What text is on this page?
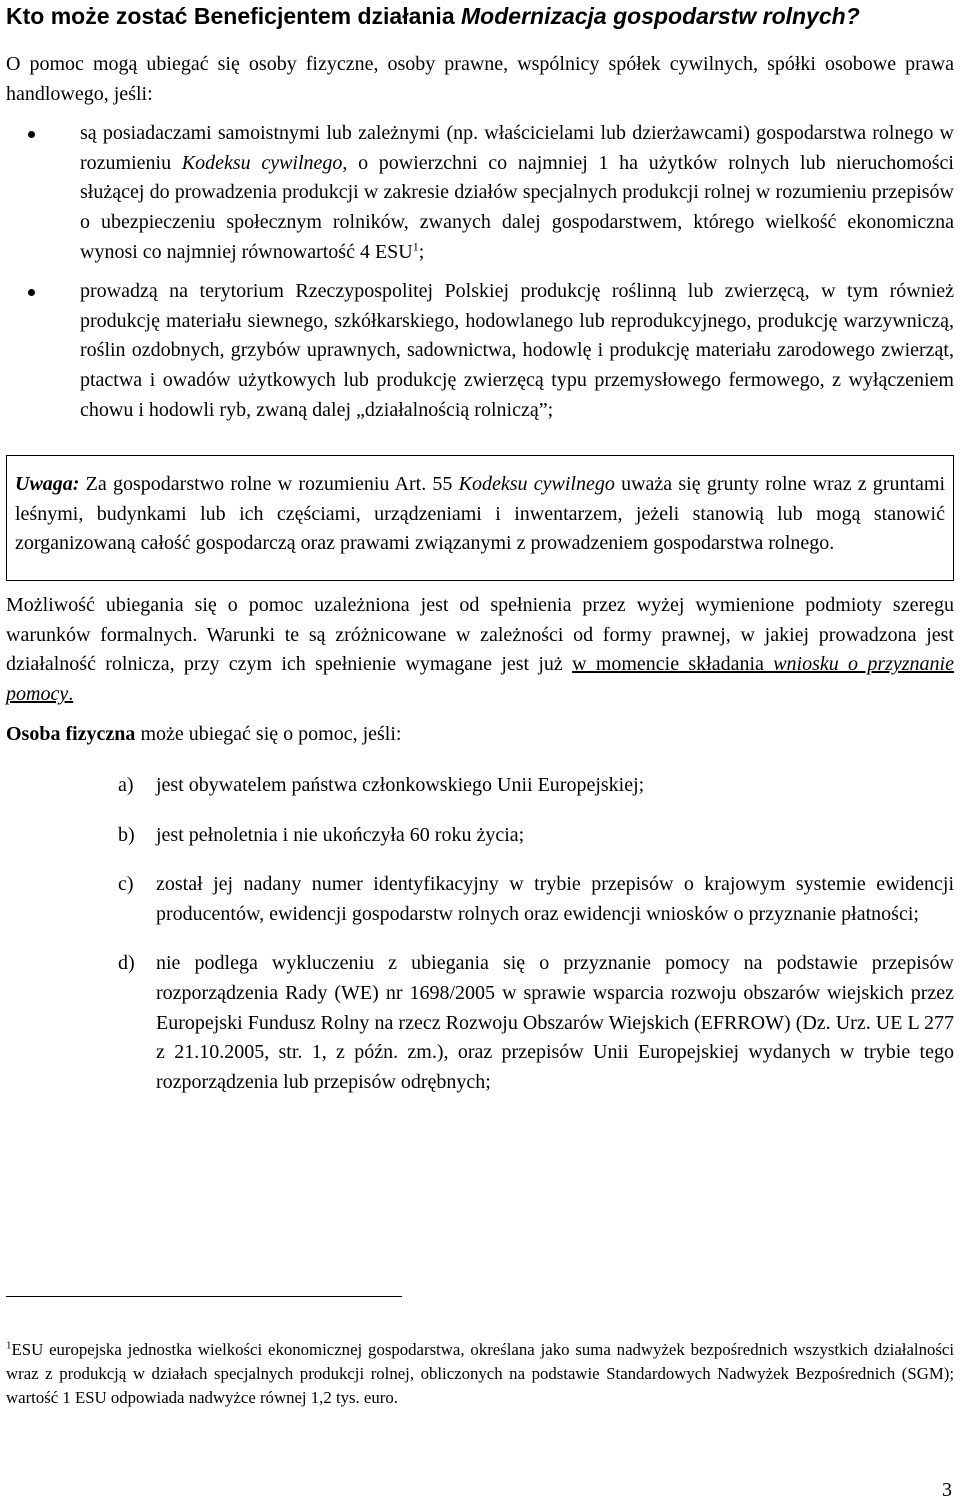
Kto może zostać Beneficjentem działania Modernizacja gospodarstw rolnych?

O pomoc mogą ubiegać się osoby fizyczne, osoby prawne, wspólnicy spółek cywilnych, spółki osobowe prawa handlowego, jeśli:

są posiadaczami samoistnymi lub zależnymi (np. właścicielami lub dzierżawcami) gospodarstwa rolnego w rozumieniu Kodeksu cywilnego, o powierzchni co najmniej 1 ha użytków rolnych lub nieruchomości służącej do prowadzenia produkcji w zakresie działów specjalnych produkcji rolnej w rozumieniu przepisów o ubezpieczeniu społecznym rolników, zwanych dalej gospodarstwem, którego wielkość ekonomiczna wynosi co najmniej równowartość 4 ESU$^1$;
prowadzą na terytorium Rzeczypospolitej Polskiej produkcję roślinną lub zwierzęcą, w tym również produkcję materiału siewnego, szkółkarskiego, hodowlanego lub reprodukcyjnego, produkcję warzywniczą, roślin ozdobnych, grzybów uprawnych, sadownictwa, hodowlę i produkcję materiału zarodowego zwierząt, ptactwa i owadów użytkowych lub produkcję zwierzęcą typu przemysłowego fermowego, z wyłączeniem chowu i hodowli ryb, zwaną dalej „działalnością rolniczą”;
Uwaga: Za gospodarstwo rolne w rozumieniu Art. 55 Kodeksu cywilnego uważa się grunty rolne wraz z gruntami leśnymi, budynkami lub ich częściami, urządzeniami i inwentarzem, jeżeli stanowią lub mogą stanowić zorganizowaną całość gospodarczą oraz prawami związanymi z prowadzeniem gospodarstwa rolnego.

Możliwość ubiegania się o pomoc uzależniona jest od spełnienia przez wyżej wymienione podmioty szeregu warunków formalnych. Warunki te są zróżnicowane w zależności od formy prawnej, w jakiej prowadzona jest działalność rolnicza, przy czym ich spełnienie wymagane jest już w momencie składania wniosku o przyznanie pomocy.

Osoba fizyczna może ubiegać się o pomoc, jeśli:

a) jest obywatelem państwa członkowskiego Unii Europejskiej;
b) jest pełnoletnia i nie ukończyła 60 roku życia;
c) został jej nadany numer identyfikacyjny w trybie przepisów o krajowym systemie ewidencji producentów, ewidencji gospodarstw rolnych oraz ewidencji wniosków o przyznanie płatności;
d) nie podlega wykluczeniu z ubiegania się o przyznanie pomocy na podstawie przepisów rozporządzenia Rady (WE) nr 1698/2005 w sprawie wsparcia rozwoju obszarów wiejskich przez Europejski Fundusz Rolny na rzecz Rozwoju Obszarów Wiejskich (EFRROW) (Dz. Urz. UE L 277 z 21.10.2005, str. 1, z późn. zm.), oraz przepisów Unii Europejskiej wydanych w trybie tego rozporządzenia lub przepisów odrębnych;
$^1$ESU europejska jednostka wielkości ekonomicznej gospodarstwa, określana jako suma nadwyżek bezpośrednich wszystkich działalności wraz z produkcją w działach specjalnych produkcji rolnej, obliczonych na podstawie Standardowych Nadwyżek Bezpośrednich (SGM); wartość 1 ESU odpowiada nadwyżce równej 1,2 tys. euro.
3
